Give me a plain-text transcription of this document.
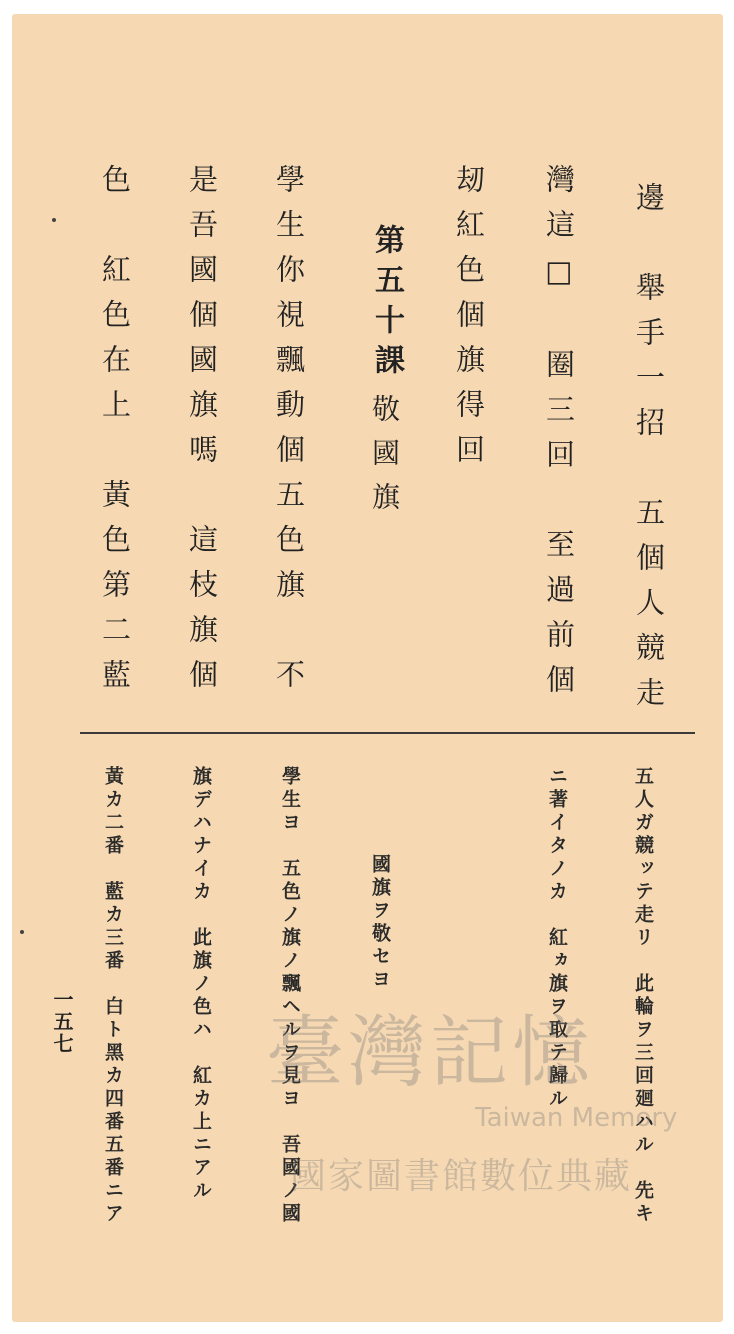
邊　舉手一招　五個人競走
灣這□　圈三回　至過前個
刼紅色個旗得回
敬國旗
第五十課
學生你視飄動個五色旗　不
是吾國個國旗嗎　這枝旗個
色　紅色在上　黃色第二藍
五人ガ競ッテ走リ　此輪ヲ三回廻ハル　先キ
ニ著イタノカ　紅ヵ旗ヲ取テ歸ル
國旗ヲ敬セヨ
學生ヨ　五色ノ旗ノ飄ヘルヲ見ヨ　吾國ノ國
旗デハナイカ　此旗ノ色ハ　紅カ上ニアル
黃カ二番　藍カ三番　白ト黑カ四番五番ニア
一五七 臺灣記憶
Taiwan Memory
國家圖書館數位典藏
